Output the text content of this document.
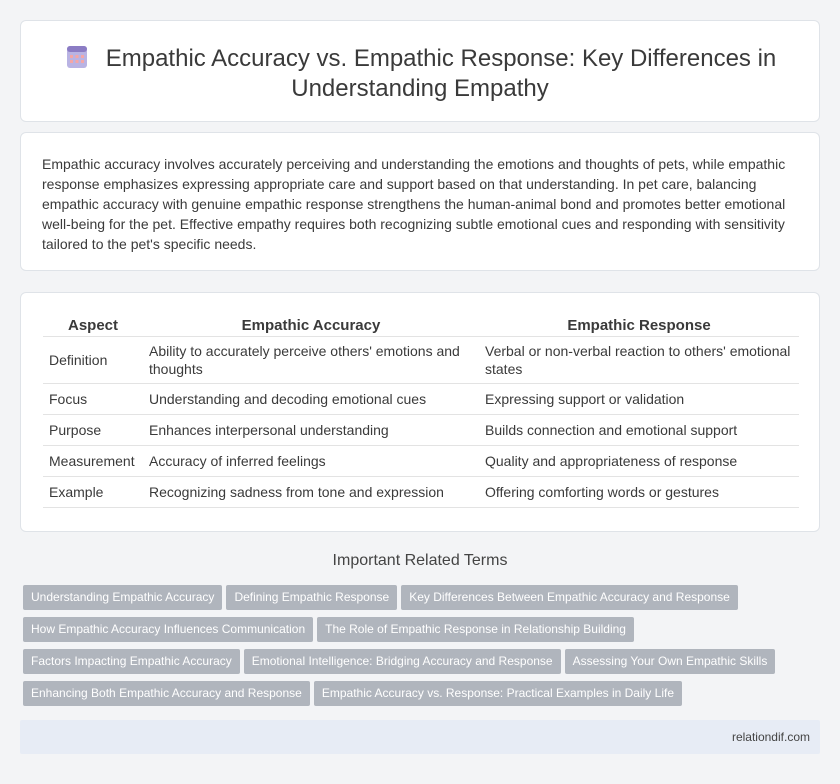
Empathic Accuracy vs. Empathic Response: Key Differences in
Understanding Empathy

Empathic accuracy involves accurately perceiving and understanding the emotions and thoughts of pets, while empathic response emphasizes expressing appropriate care and support based on that understanding. In pet care, balancing empathic accuracy with genuine empathic response strengthens the human-animal bond and promotes better emotional well-being for the pet. Effective empathy requires both recognizing subtle emotional cues and responding with sensitivity tailored to the pet's specific needs.

Aspect	Empathic Accuracy	Empathic Response
Definition	Ability to accurately perceive others' emotions and thoughts	Verbal or non-verbal reaction to others' emotional states
Focus	Understanding and decoding emotional cues	Expressing support or validation
Purpose	Enhances interpersonal understanding	Builds connection and emotional support
Measurement	Accuracy of inferred feelings	Quality and appropriateness of response
Example	Recognizing sadness from tone and expression	Offering comforting words or gestures
Important Related Terms
Understanding Empathic Accuracy Defining Empathic Response Key Differences Between Empathic Accuracy and Response
How Empathic Accuracy Influences Communication The Role of Empathic Response in Relationship Building
Factors Impacting Empathic Accuracy Emotional Intelligence: Bridging Accuracy and Response Assessing Your Own Empathic Skills
Enhancing Both Empathic Accuracy and Response Empathic Accuracy vs. Response: Practical Examples in Daily Life
relationdif.com
